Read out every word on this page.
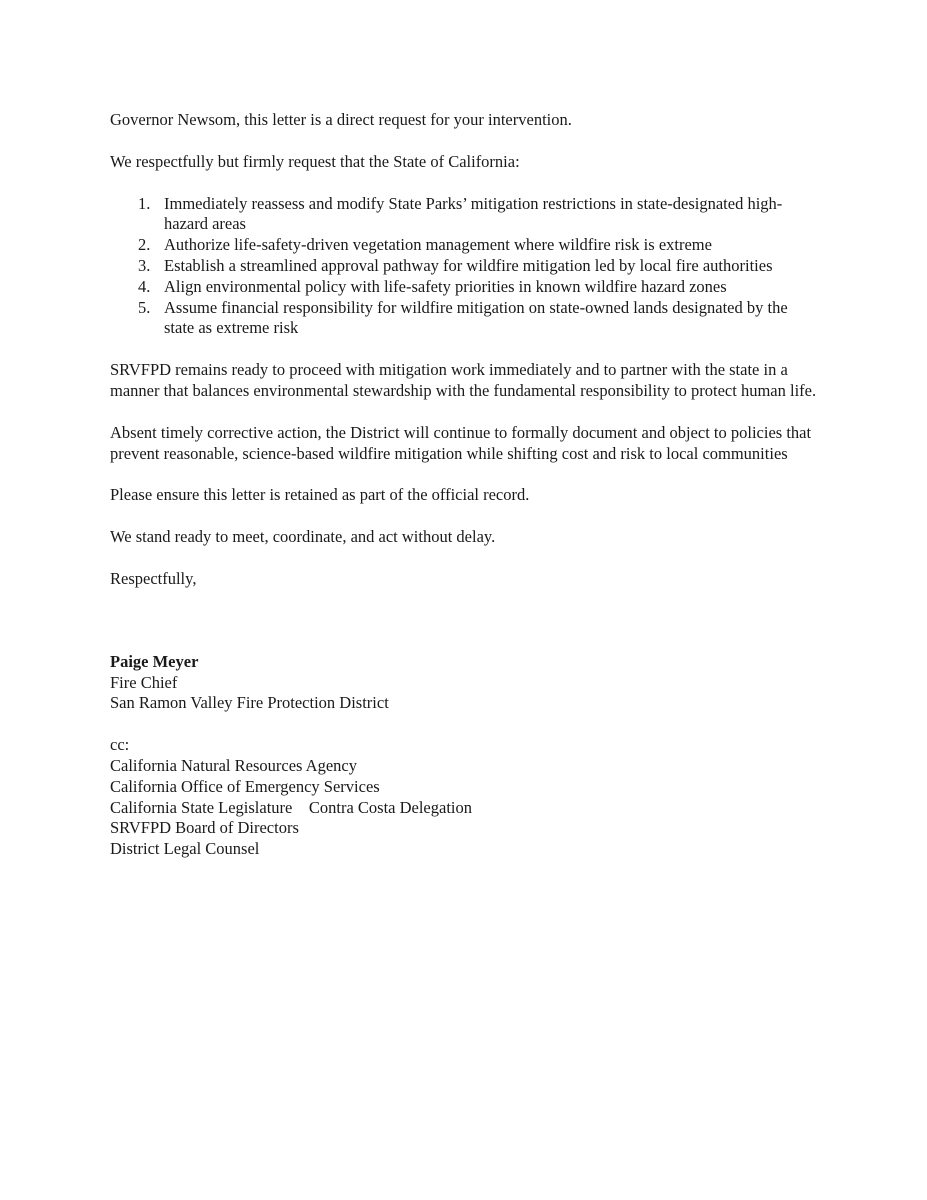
Governor Newsom, this letter is a direct request for your intervention.

We respectfully but firmly request that the State of California:

1. Immediately reassess and modify State Parks’ mitigation restrictions in state-designated high-hazard areas
2. Authorize life-safety-driven vegetation management where wildfire risk is extreme
3. Establish a streamlined approval pathway for wildfire mitigation led by local fire authorities
4. Align environmental policy with life-safety priorities in known wildfire hazard zones
5. Assume financial responsibility for wildfire mitigation on state-owned lands designated by the state as extreme risk

SRVFPD remains ready to proceed with mitigation work immediately and to partner with the state in a manner that balances environmental stewardship with the fundamental responsibility to protect human life.

Absent timely corrective action, the District will continue to formally document and object to policies that prevent reasonable, science-based wildfire mitigation while shifting cost and risk to local communities

Please ensure this letter is retained as part of the official record.

We stand ready to meet, coordinate, and act without delay.

Respectfully,

Paige Meyer
Fire Chief
San Ramon Valley Fire Protection District
cc:
California Natural Resources Agency
California Office of Emergency Services
California State Legislature    Contra Costa Delegation
SRVFPD Board of Directors
District Legal Counsel
